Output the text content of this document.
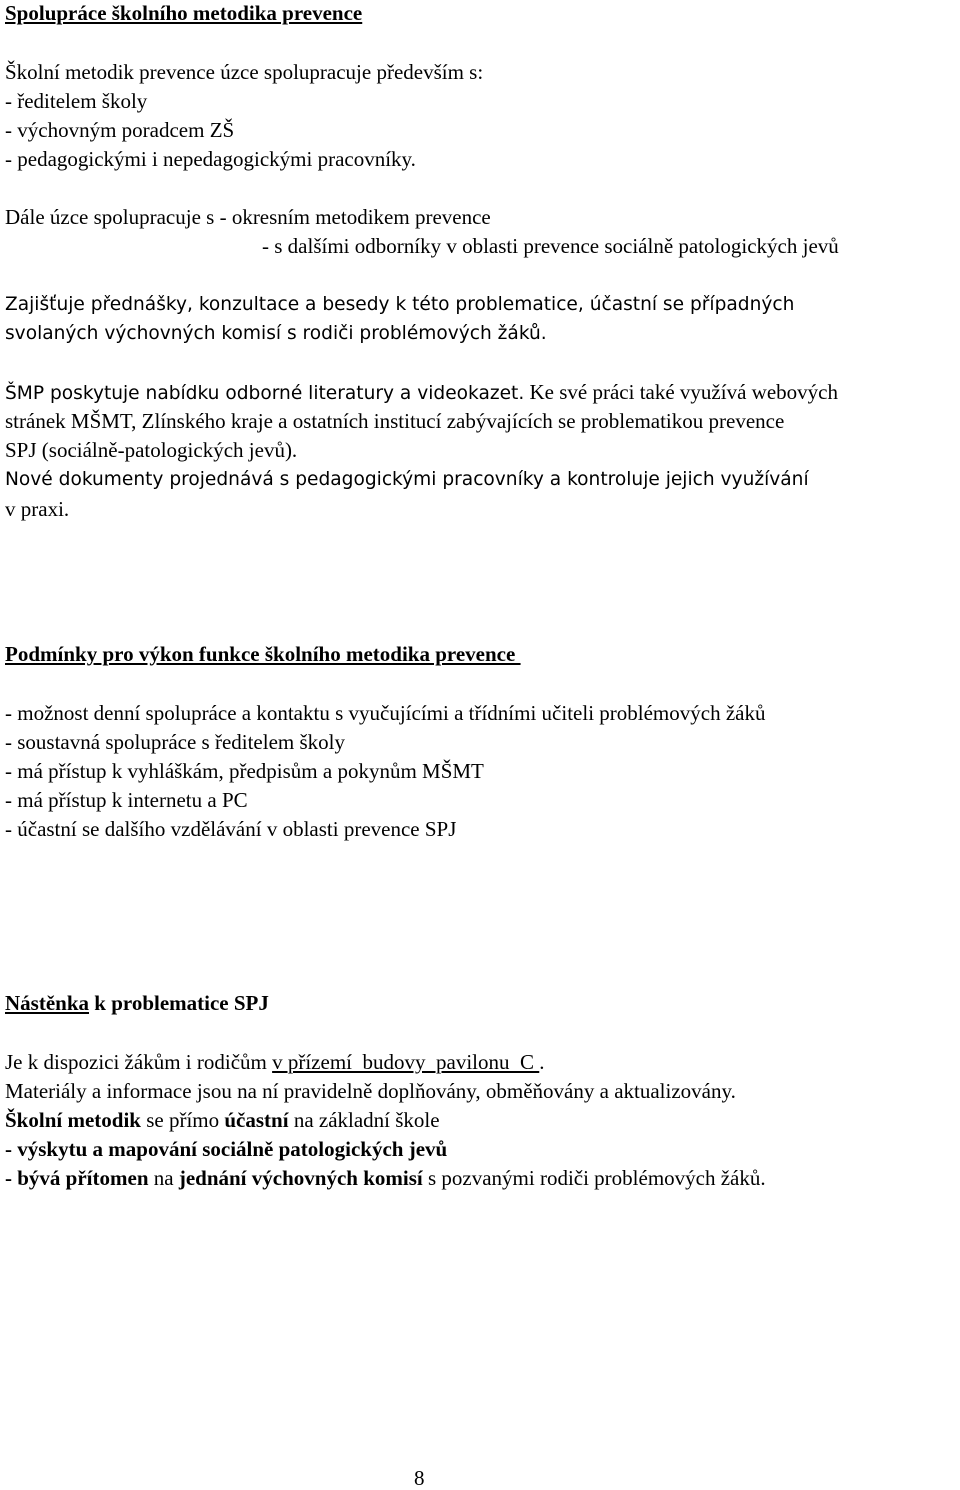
Spolupráce školního metodika prevence
Školní metodik prevence úzce spolupracuje především s:
- ředitelem školy
- výchovným poradcem ZŠ
- pedagogickými i nepedagogickými pracovníky.
Dále úzce spolupracuje s - okresním metodikem prevence
- s dalšími odborníky v oblasti prevence sociálně patologických jevů
Zajišťuje přednášky, konzultace a besedy k této problematice, účastní se případných
svolaných výchovných komisí s rodiči problémových žáků.
ŠMP poskytuje nabídku odborné literatury a videokazet. Ke své práci také využívá webových
stránek MŠMT, Zlínského kraje a ostatních institucí zabývajících se problematikou prevence
SPJ (sociálně-patologických jevů).
Nové dokumenty projednává s pedagogickými pracovníky a kontroluje jejich využívání
v praxi.
Podmínky pro výkon funkce školního metodika prevence
- možnost denní spolupráce a kontaktu s vyučujícími a třídními učiteli problémových žáků
- soustavná spolupráce s ředitelem školy
- má přístup k vyhláškám, předpisům a pokynům MŠMT
- má přístup k internetu a PC
- účastní se dalšího vzdělávání v oblasti prevence SPJ
Nástěnka k problematice SPJ
Je k dispozici žákům i rodičům v přízemí  budovy  pavilonu  C .
Materiály a informace jsou na ní pravidelně doplňovány, obměňovány a aktualizovány.
Školní metodik se přímo účastní na základní škole
- výskytu a mapování sociálně patologických jevů
- bývá přítomen na jednání výchovných komisí s pozvanými rodiči problémových žáků.
8
